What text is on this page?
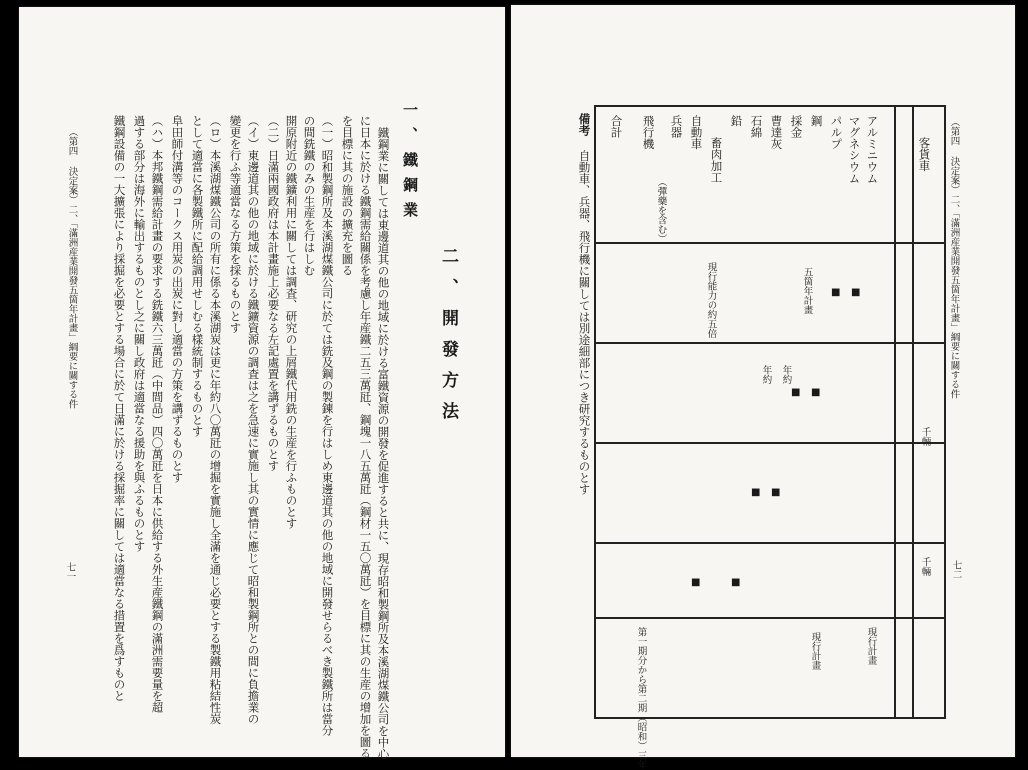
二、開發方法
一、鐵鋼業
鐵鋼業に關しては東邊道其の他の地域に於ける富鐵資源の開發を促進すると共に、現存昭和製鋼所及本溪湖煤鐵公司を中心
に日本に於ける鐵鋼需給關係を考慮し年産鐵二五三萬瓩、鋼塊一八五萬瓩（鋼材一五〇萬瓩）を目標に其の生産の增加を圖る
を目標に其の施設の擴充を圖る
（一）昭和製鋼所及本溪湖煤鐵公司に於ては銑及鋼の製鍊を行はしめ東邊道其の他の地域に開發せらるべき製鐵所は當分
の間銑鐵のみの生産を行はしむ
開原附近の鐵鑛利用に關しては調査、研究の上屑鐵代用銑の生産を行ふものとす
（二）日滿兩國政府は本計畫施上必要なる左記處置を講ずるものとす
（イ）東邊道其の他の地域に於ける鐵鑛資源の調査は之を急速に實施し其の實情に應じて昭和製鋼所との間に負擔業の
變更を行ふ等適當なる方策を採るものとす
（ロ）本溪湖煤鐵公司の所有に係る本溪湖炭は更に年約八〇萬瓩の增掘を實施し全滿を通じ必要とする製鐵用粘結性炭
として適當に各製鐵所に配給調用せしむる樣統制するものとす
阜田師付溝等のコークス用炭の出炭に對し適當の方策を講ずるものとす
（ハ）本邦鐵鋼需給計畫の要求する銑鐵六三萬瓩（中間品）四〇萬瓩を日本に供給する外生産鐵鋼の滿洲需要量を超
過する部分は海外に輸出するものとし之に關し政府は適當なる援助を與ふるものとす
鐵鋼設備の一大擴張により採掘を必要とする場合に於て日滿に於ける採掘率に關しては適當なる措置を爲すものと
（第四 決定案）二、「滿洲産業開發五箇年計畫」綱要に關する件
七一
（第四 決定案）二、「滿洲産業開發五箇年計畫」綱要に關する件
七二
客貨車
アルミニウム
マグネシウム
パルプ
鋼
採金
曹達灰
石綿
鉛
畜肉加工
自動車
兵器
（彈藥を含む）
飛行機
合計
現行能力の約五倍	五箇年計畫
年約
年約
千輛
千輛
現行計畫
現行計畫
第一期分から第二期（昭和）三年
■
■
■
■
■
■
■
■
備考
自動車、兵器、飛行機に關しては別途細部につき研究するものとす
